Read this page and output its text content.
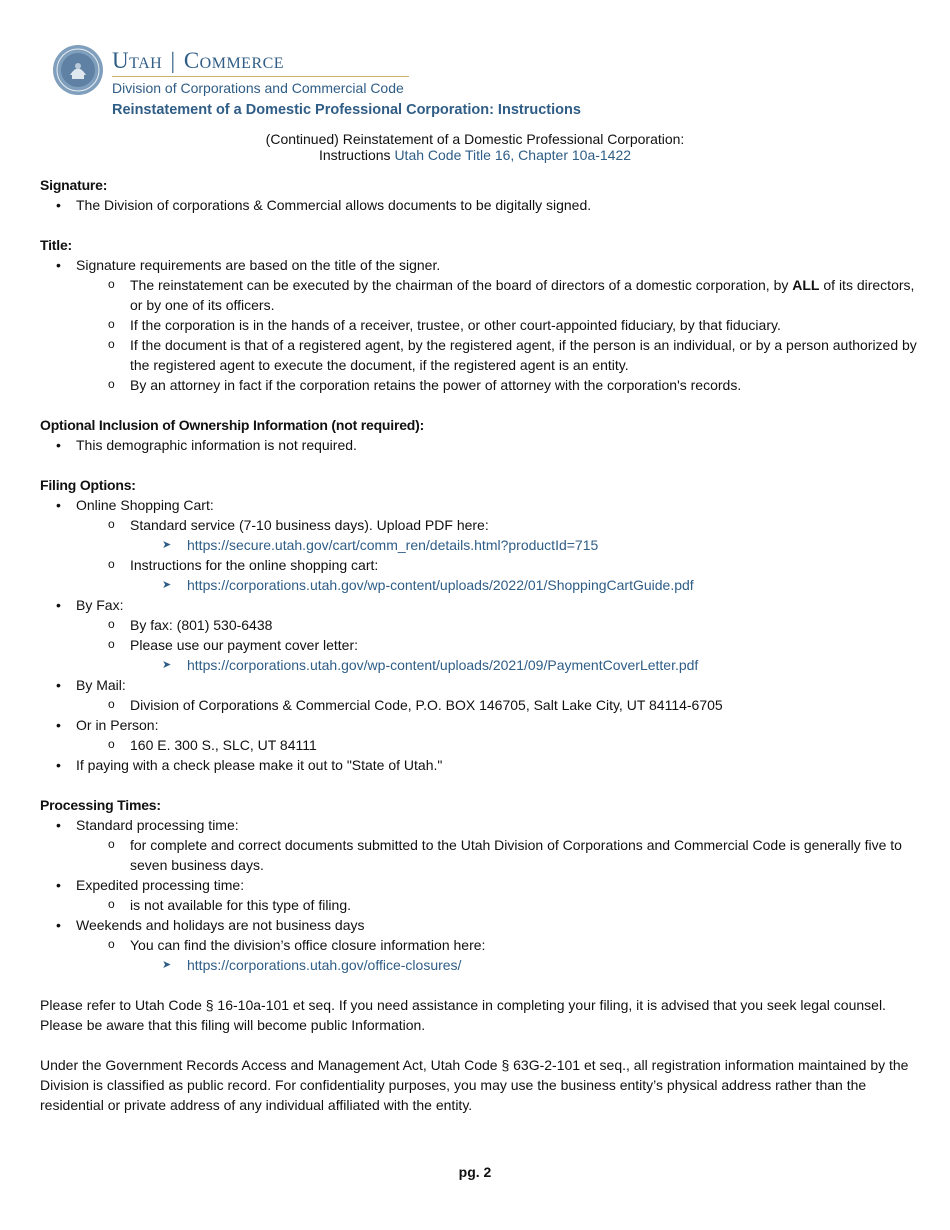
Utah | Commerce
Division of Corporations and Commercial Code
Reinstatement of a Domestic Professional Corporation: Instructions
(Continued) Reinstatement of a Domestic Professional Corporation:
Instructions Utah Code Title 16, Chapter 10a-1422

Signature:

• The Division of corporations & Commercial allows documents to be digitally signed.

Title:

• Signature requirements are based on the title of the signer.
o The reinstatement can be executed by the chairman of the board of directors of a domestic corporation, by ALL of its directors, or by one of its officers.
o If the corporation is in the hands of a receiver, trustee, or other court-appointed fiduciary, by that fiduciary.
o If the document is that of a registered agent, by the registered agent, if the person is an individual, or by a person authorized by the registered agent to execute the document, if the registered agent is an entity.
o By an attorney in fact if the corporation retains the power of attorney with the corporation's records.

Optional Inclusion of Ownership Information (not required):

• This demographic information is not required.

Filing Options:

• Online Shopping Cart:
o Standard service (7-10 business days). Upload PDF here:
➤ https://secure.utah.gov/cart/comm_ren/details.html?productId=715
o Instructions for the online shopping cart:
➤ https://corporations.utah.gov/wp-content/uploads/2022/01/ShoppingCartGuide.pdf
• By Fax:
o By fax: (801) 530-6438
o Please use our payment cover letter:
➤ https://corporations.utah.gov/wp-content/uploads/2021/09/PaymentCoverLetter.pdf
• By Mail:
o Division of Corporations & Commercial Code, P.O. BOX 146705, Salt Lake City, UT 84114-6705
• Or in Person:
o 160 E. 300 S., SLC, UT 84111
• If paying with a check please make it out to "State of Utah."

Processing Times:

• Standard processing time:
o for complete and correct documents submitted to the Utah Division of Corporations and Commercial Code is generally five to seven business days.
• Expedited processing time:
o is not available for this type of filing.
• Weekends and holidays are not business days
o You can find the division’s office closure information here:
➤ https://corporations.utah.gov/office-closures/

Please refer to Utah Code § 16-10a-101 et seq. If you need assistance in completing your filing, it is advised that you seek legal counsel. Please be aware that this filing will become public Information.

Under the Government Records Access and Management Act, Utah Code § 63G-2-101 et seq., all registration information maintained by the Division is classified as public record. For confidentiality purposes, you may use the business entity’s physical address rather than the residential or private address of any individual affiliated with the entity.

pg. 2
